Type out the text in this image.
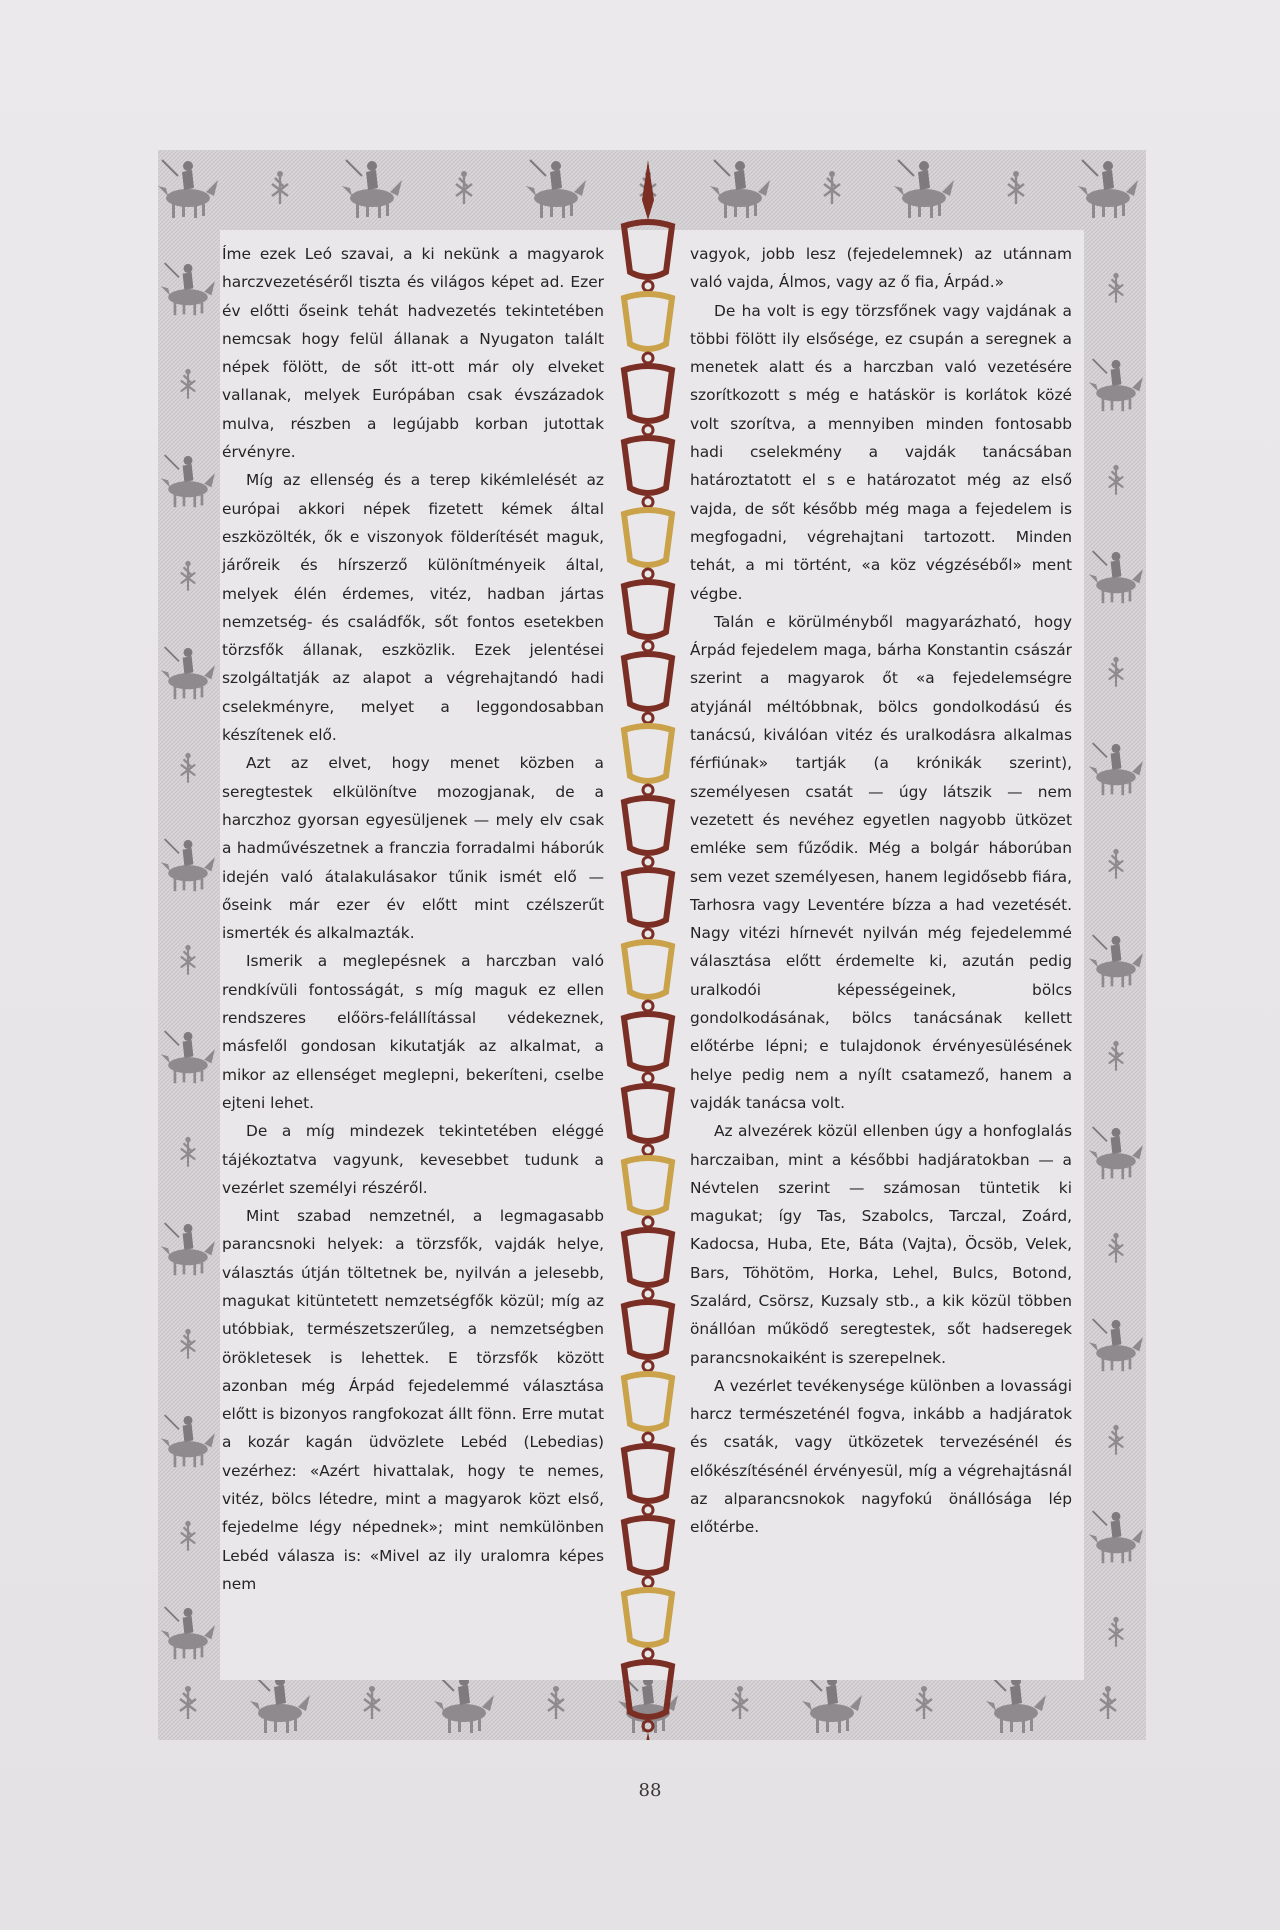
Íme ezek Leó szavai, a ki nekünk a magyarok harczvezetéséről tiszta és világos képet ad. Ezer év előtti őseink tehát hadvezetés tekintetében nemcsak hogy felül állanak a Nyugaton talált népek fölött, de sőt itt-ott már oly elveket vallanak, melyek Európában csak évszázadok mulva, részben a legújabb korban jutottak érvényre.

Míg az ellenség és a terep kikémlelését az európai akkori népek fizetett kémek által eszközölték, ők e viszonyok földerítését maguk, járőreik és hírszerző különítményeik által, melyek élén érdemes, vitéz, hadban jártas nemzetség- és családfők, sőt fontos esetekben törzsfők állanak, eszközlik. Ezek jelentései szolgáltatják az alapot a végrehajtandó hadi cselekményre, melyet a leggondosabban készítenek elő.

Azt az elvet, hogy menet közben a seregtestek elkülönítve mozogjanak, de a harczhoz gyorsan egyesüljenek — mely elv csak a hadművészetnek a franczia forradalmi háborúk idején való átalakulásakor tűnik ismét elő — őseink már ezer év előtt mint czélszerűt ismerték és alkalmazták.

Ismerik a meglepésnek a harczban való rendkívüli fontosságát, s míg maguk ez ellen rendszeres előörs-felállítással védekeznek, másfelől gondosan kikutatják az alkalmat, a mikor az ellenséget meglepni, bekeríteni, cselbe ejteni lehet.

De a míg mindezek tekintetében eléggé tájékoztatva vagyunk, kevesebbet tudunk a vezérlet személyi részéről.

Mint szabad nemzetnél, a legmagasabb parancsnoki helyek: a törzsfők, vajdák helye, választás útján töltetnek be, nyilván a jelesebb, magukat kitüntetett nemzetségfők közül; míg az utóbbiak, természetszerűleg, a nemzetségben örökletesek is lehettek. E törzsfők között azonban még Árpád fejedelemmé választása előtt is bizonyos rangfokozat állt fönn. Erre mutat a kozár kagán üdvözlete Lebéd (Lebedias) vezérhez: «Azért hivattalak, hogy te nemes, vitéz, bölcs létedre, mint a magyarok közt első, fejedelme légy népednek»; mint nemkülönben Lebéd válasza is: «Mivel az ily uralomra képes nem

vagyok, jobb lesz (fejedelemnek) az utánnam való vajda, Álmos, vagy az ő fia, Árpád.»

De ha volt is egy törzsfőnek vagy vajdának a többi fölött ily elsősége, ez csupán a seregnek a menetek alatt és a harczban való vezetésére szorítkozott s még e hatáskör is korlátok közé volt szorítva, a mennyiben minden fontosabb hadi cselekmény a vajdák tanácsában határoztatott el s e határozatot még az első vajda, de sőt később még maga a fejedelem is megfogadni, végrehajtani tartozott. Minden tehát, a mi történt, «a köz végzéséből» ment végbe.

Talán e körülményből magyarázható, hogy Árpád fejedelem maga, bárha Konstantin császár szerint a magyarok őt «a fejedelemségre atyjánál méltóbbnak, bölcs gondolkodású és tanácsú, kiválóan vitéz és uralkodásra alkalmas férfiúnak» tartják (a krónikák szerint), személyesen csatát — úgy látszik — nem vezetett és nevéhez egyetlen nagyobb ütközet emléke sem fűződik. Még a bolgár háborúban sem vezet személyesen, hanem legidősebb fiára, Tarhosra vagy Leventére bízza a had vezetését. Nagy vitézi hírnevét nyilván még fejedelemmé választása előtt érdemelte ki, azután pedig uralkodói képességeinek, bölcs gondolkodásának, bölcs tanácsának kellett előtérbe lépni; e tulajdonok érvényesülésének helye pedig nem a nyílt csatamező, hanem a vajdák tanácsa volt.

Az alvezérek közül ellenben úgy a honfoglalás harczaiban, mint a későbbi hadjáratokban — a Névtelen szerint — számosan tüntetik ki magukat; így Tas, Szabolcs, Tarczal, Zoárd, Kadocsa, Huba, Ete, Báta (Vajta), Öcsöb, Velek, Bars, Töhötöm, Horka, Lehel, Bulcs, Botond, Szalárd, Csörsz, Kuzsaly stb., a kik közül többen önállóan működő seregtestek, sőt hadseregek parancsnokaiként is szerepelnek.

A vezérlet tevékenysége különben a lovassági harcz természeténél fogva, inkább a hadjáratok és csaták, vagy ütközetek tervezésénél és előkészítésénél érvényesül, míg a végrehajtásnál az alparancsnokok nagyfokú önállósága lép előtérbe.

88
